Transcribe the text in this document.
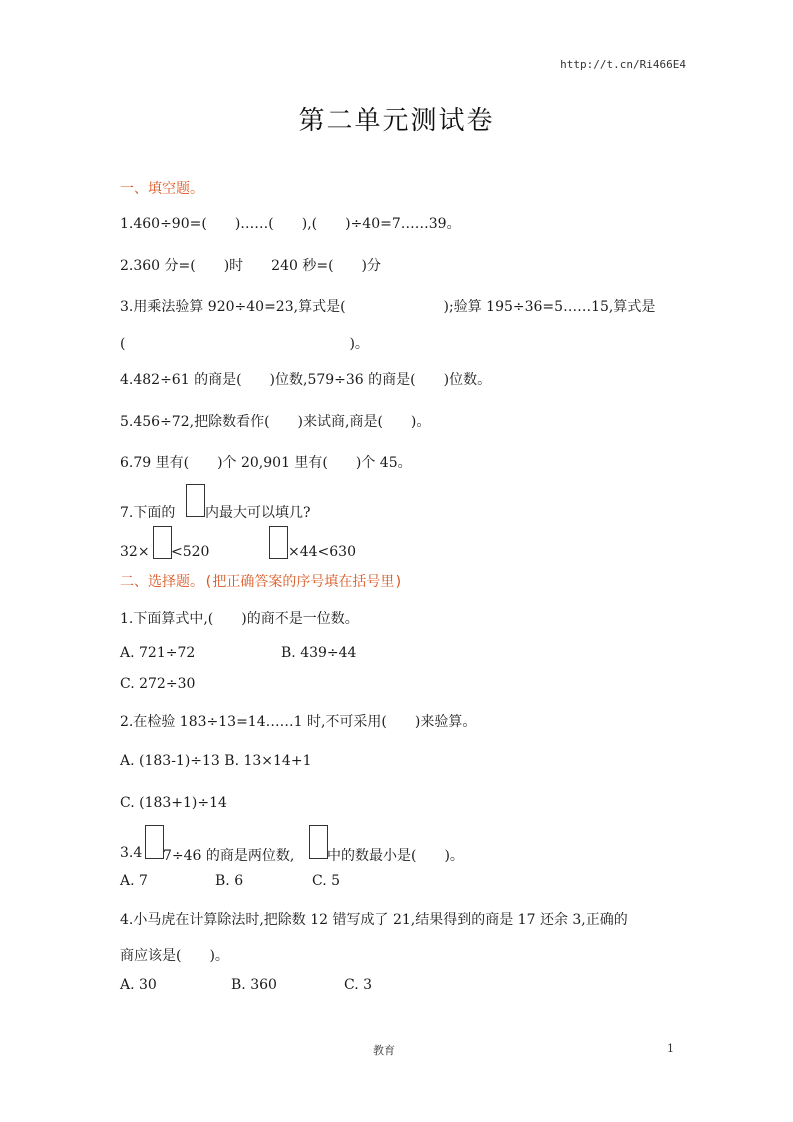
http://t.cn/Ri466E4
第二单元测试卷
一、填空题。
1.460÷90=(　　)……(　　),(　　)÷40=7……39。
2.360 分=(　　)时　　240 秒=(　　)分
3.用乘法验算 920÷40=23,算式是(　　　　　　　);验算 195÷36=5……15,算式是
(　　　　　　　　　　　　　　　　)。
4.482÷61 的商是(　　)位数,579÷36 的商是(　　)位数。
5.456÷72,把除数看作(　　)来试商,商是(　　)。
6.79 里有(　　)个 20,901 里有(　　)个 45。
7.下面的 内最大可以填几?
32× <520	×44<630
二、选择题。(把正确答案的序号填在括号里)
1.下面算式中,(　　)的商不是一位数。
A. 721÷72	B. 439÷44
C. 272÷30
2.在检验 183÷13=14……1 时,不可采用(　　)来验算。
A. (183-1)÷13 B. 13×14+1
C. (183+1)÷14
3.4 7÷46 的商是两位数, 中的数最小是(　　)。
A. 7	B. 6	C. 5
4.小马虎在计算除法时,把除数 12 错写成了 21,结果得到的商是 17 还余 3,正确的
商应该是(　　)。
A. 30	B. 360	C. 3
教育	1
